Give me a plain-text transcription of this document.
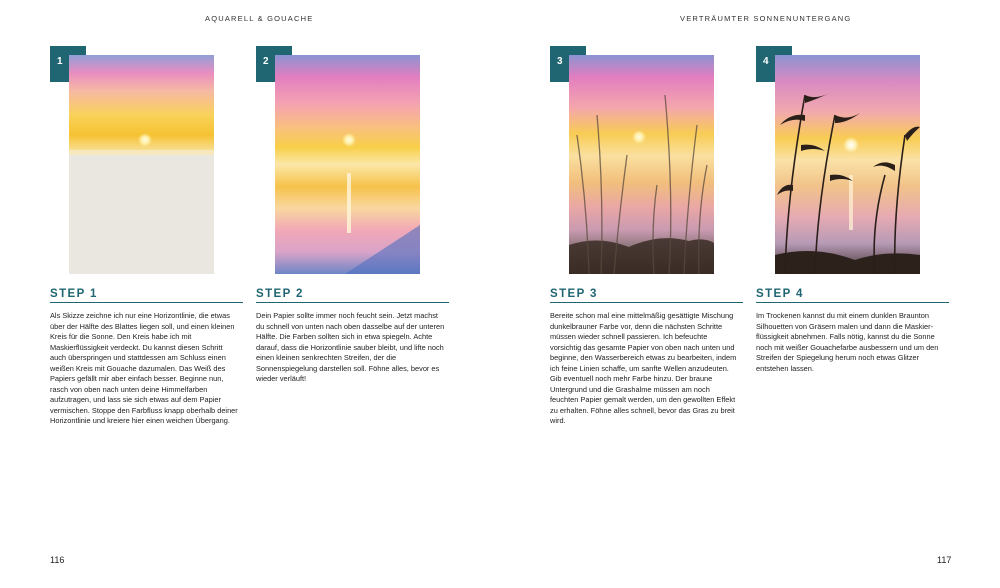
AQUARELL & GOUACHE
1
STEP 1
Als Skizze zeichne ich nur eine Horizontlinie, die etwas über der Hälfte des Blattes liegen soll, und einen kleinen Kreis für die Sonne. Den Kreis habe ich mit Maskierflüssigkeit verdeckt. Du kannst diesen Schritt auch überspringen und stattdessen am Schluss einen weißen Kreis mit Gouache dazumalen. Das Weiß des Papiers gefällt mir aber einfach besser. Beginne nun, rasch von oben nach unten deine Himmelfarben aufzutragen, und lass sie sich etwas auf dem Papier vermischen. Stoppe den Farbfluss knapp oberhalb deiner Horizontlinie und kreiere hier einen weichen Übergang.
2
STEP 2
Dein Papier sollte immer noch feucht sein. Jetzt machst du schnell von unten nach oben dasselbe auf der unteren Hälfte. Die Farben sollten sich in etwa spiegeln. Achte darauf, dass die Horizontlinie sauber bleibt, und lifte noch einen kleinen senkrechten Streifen, der die Sonnenspiegelung darstellen soll. Föhne alles, bevor es wieder verläuft!
116
VERTRÄUMTER SONNENUNTERGANG
3
STEP 3
Bereite schon mal eine mittelmäßig gesättigte Mischung dunkelbrauner Farbe vor, denn die nächsten Schritte müssen wieder schnell passieren. Ich befeuchte vorsichtig das gesamte Papier von oben nach unten und beginne, den Wasserbereich etwas zu bearbeiten, indem ich feine Linien schaffe, um sanfte Wellen anzudeuten. Gib eventuell noch mehr Farbe hinzu. Der braune Untergrund und die Grashalme müssen am noch feuchten Papier gemalt werden, um den gewollten Effekt zu erhalten. Föhne alles schnell, bevor das Gras zu breit wird.
4
STEP 4
Im Trockenen kannst du mit einem dunklen Braunton Silhouetten von Gräsern malen und dann die Maskierflüssigkeit abnehmen. Falls nötig, kannst du die Sonne noch mit weißer Gouachefarbe ausbessern und um den Streifen der Spiegelung herum noch etwas Glitzer entstehen lassen.
117
